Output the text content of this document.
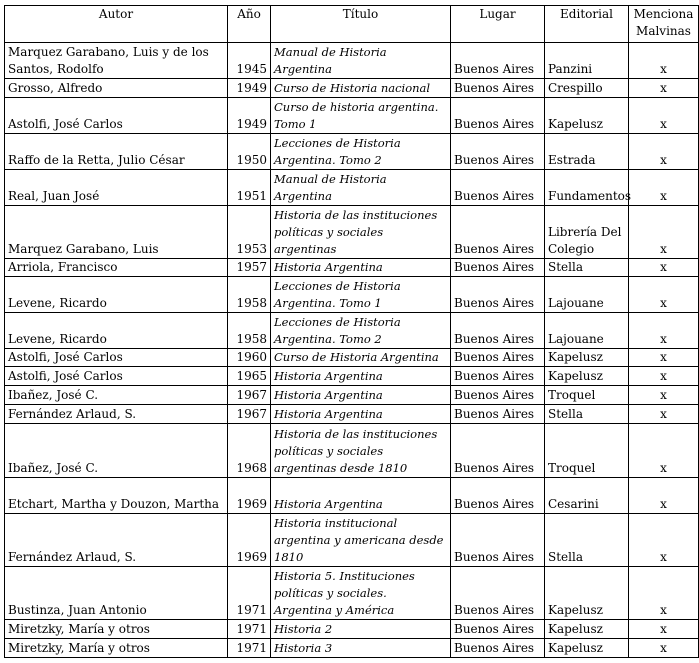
Autor	Año	Título	Lugar	Editorial	Menciona Malvinas
Marquez Garabano, Luis y de los Santos, Rodolfo	1945	Manual de Historia Argentina	Buenos Aires	Panzini	x
Grosso, Alfredo	1949	Curso de Historia nacional	Buenos Aires	Crespillo	x
Astolfi, José Carlos	1949	Curso de historia argentina. Tomo 1	Buenos Aires	Kapelusz	x
Raffo de la Retta, Julio César	1950	Lecciones de Historia Argentina. Tomo 2	Buenos Aires	Estrada	x
Real, Juan José	1951	Manual de Historia Argentina	Buenos Aires	Fundamentos	x
Marquez Garabano, Luis	1953	Historia de las instituciones políticas y sociales argentinas	Buenos Aires	Librería Del Colegio	x
Arriola, Francisco	1957	Historia Argentina	Buenos Aires	Stella	x
Levene, Ricardo	1958	Lecciones de Historia Argentina. Tomo 1	Buenos Aires	Lajouane	x
Levene, Ricardo	1958	Lecciones de Historia Argentina. Tomo 2	Buenos Aires	Lajouane	x
Astolfi, José Carlos	1960	Curso de Historia Argentina	Buenos Aires	Kapelusz	x
Astolfi, José Carlos	1965	Historia Argentina	Buenos Aires	Kapelusz	x
Ibañez, José C.	1967	Historia Argentina	Buenos Aires	Troquel	x
Fernández Arlaud, S.	1967	Historia Argentina	Buenos Aires	Stella	x
Ibañez, José C.	1968	Historia de las instituciones políticas y sociales argentinas desde 1810	Buenos Aires	Troquel	x
Etchart, Martha y Douzon, Martha	1969	Historia Argentina	Buenos Aires	Cesarini	x
Fernández Arlaud, S.	1969	Historia institucional argentina y americana desde 1810	Buenos Aires	Stella	x
Bustinza, Juan Antonio	1971	Historia 5. Instituciones políticas y sociales. Argentina y América	Buenos Aires	Kapelusz	x
Miretzky, María y otros	1971	Historia 2	Buenos Aires	Kapelusz	x
Miretzky, María y otros	1971	Historia 3	Buenos Aires	Kapelusz	x
